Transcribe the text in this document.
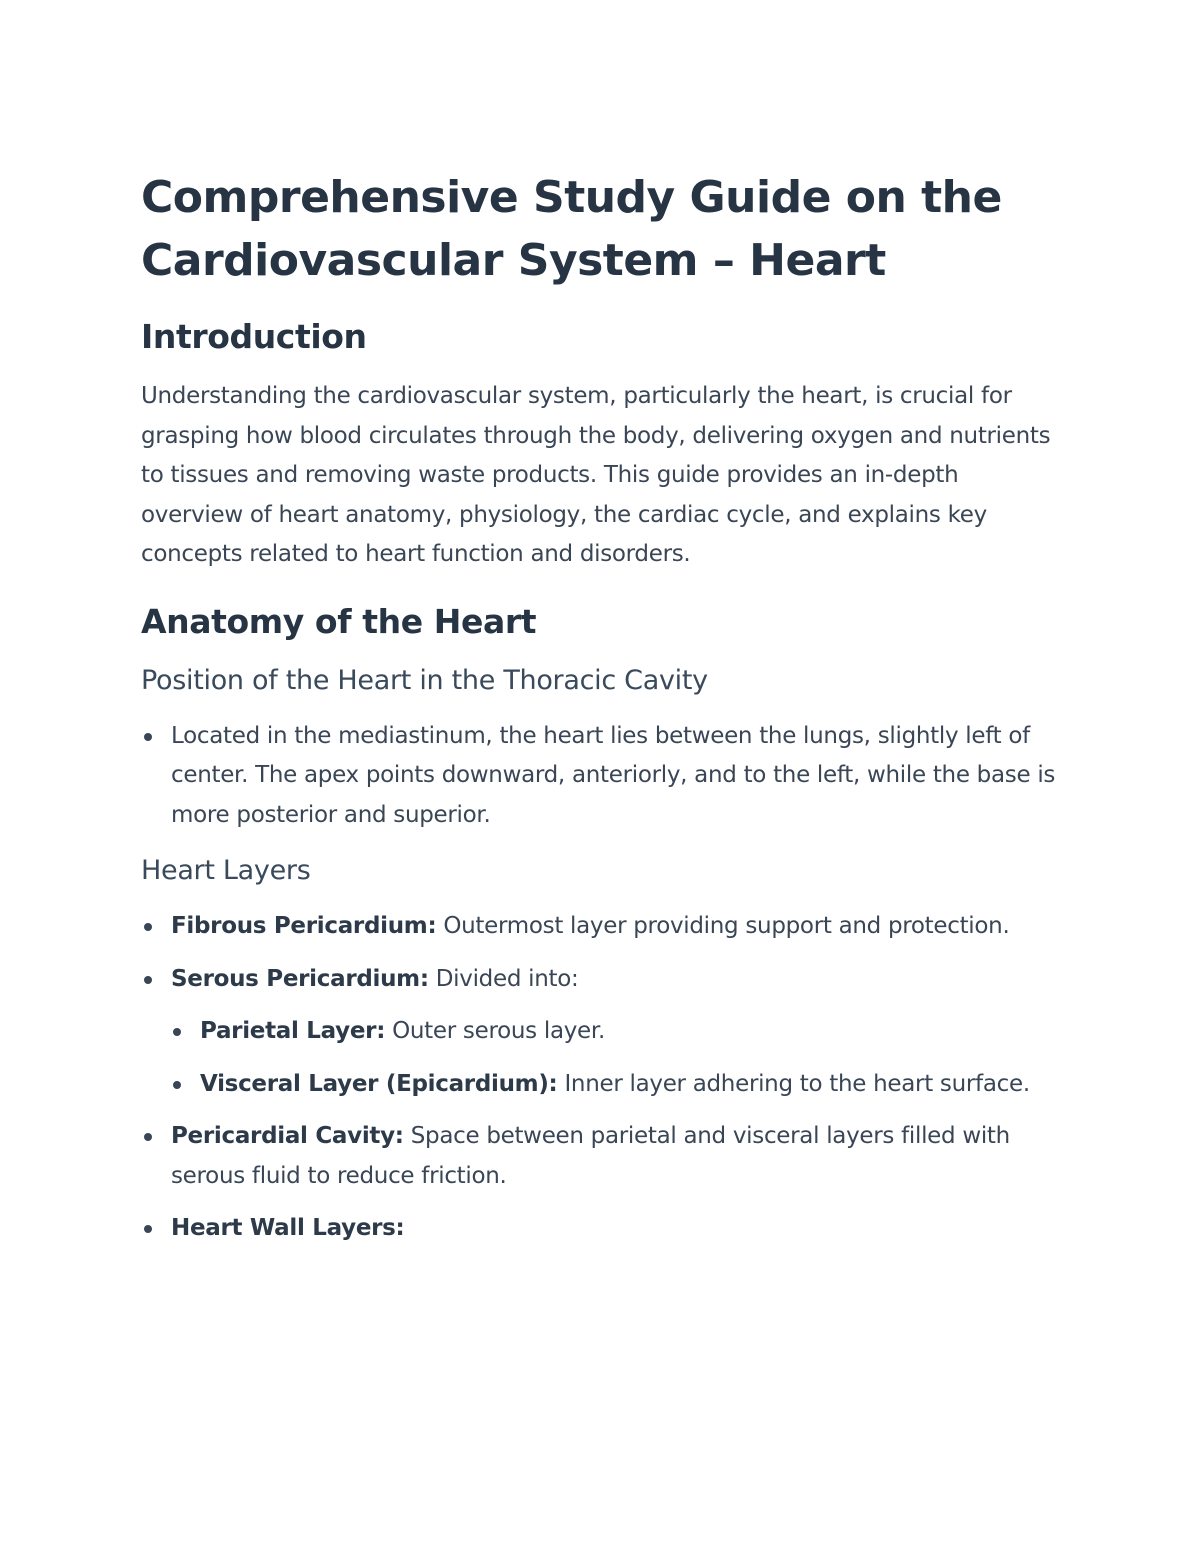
Comprehensive Study Guide on the Cardiovascular System – Heart
Introduction

Understanding the cardiovascular system, particularly the heart, is crucial for grasping how blood circulates through the body, delivering oxygen and nutrients to tissues and removing waste products. This guide provides an in-depth overview of heart anatomy, physiology, the cardiac cycle, and explains key concepts related to heart function and disorders.

Anatomy of the Heart
Position of the Heart in the Thoracic Cavity
Located in the mediastinum, the heart lies between the lungs, slightly left of center. The apex points downward, anteriorly, and to the left, while the base is more posterior and superior.
Heart Layers
Fibrous Pericardium: Outermost layer providing support and protection.
Serous Pericardium: Divided into:
Parietal Layer: Outer serous layer.
Visceral Layer (Epicardium): Inner layer adhering to the heart surface.
Pericardial Cavity: Space between parietal and visceral layers filled with serous fluid to reduce friction.
Heart Wall Layers:
